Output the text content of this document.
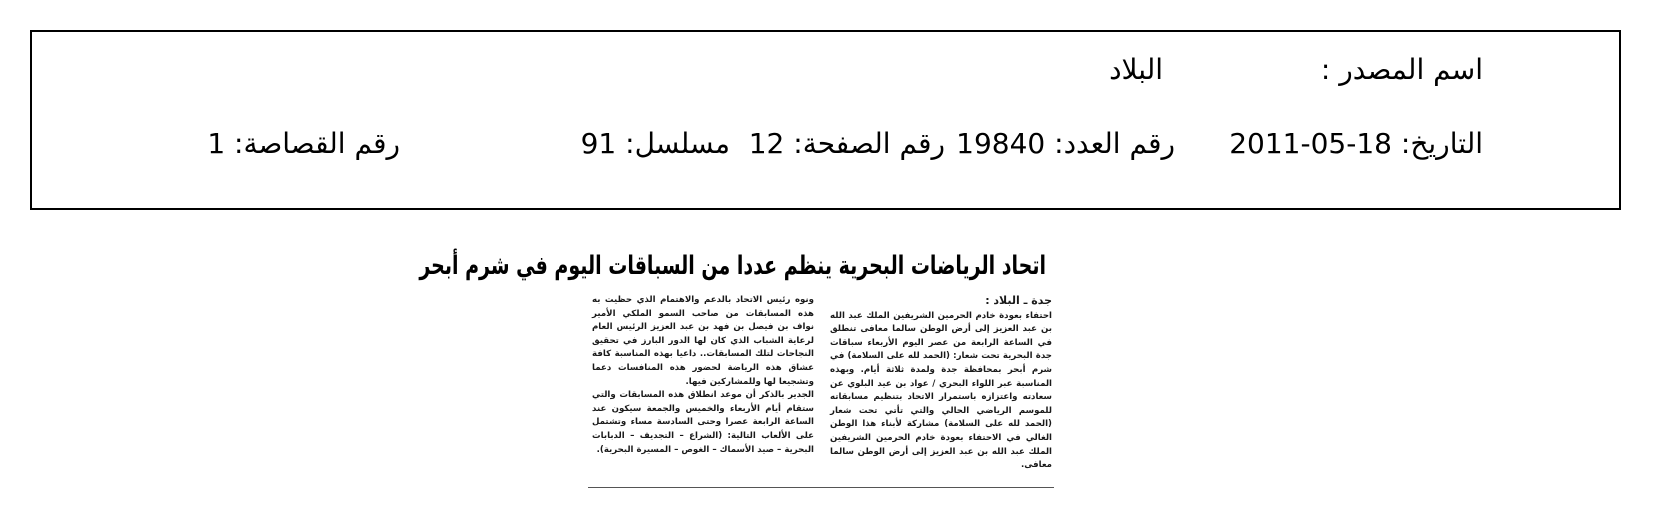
اسم المصدر :
البلاد
التاريخ: 18-05-2011
رقم العدد: 19840
رقم الصفحة: 12
مسلسل: 91
رقم القصاصة: 1
اتحاد الرياضات البحرية ينظم عددا من السباقات اليوم في شرم أبحر
جدة ـ البلاد :

احتفاء بعودة خادم الحرمين الشريفين الملك عبد الله بن عبد العزيز إلى أرض الوطن سالما معافى تنطلق في الساعة الرابعة من عصر اليوم الأربعاء سباقات جدة البحرية تحت شعار: (الحمد لله على السلامة) في شرم أبحر بمحافظة جدة ولمدة ثلاثة أيام. وبهذه المناسبة عبر اللواء البحري / عواد بن عيد البلوي عن سعادته واعتزازه باستمرار الاتحاد بتنظيم مسابقاته للموسم الرياضي الحالي والتي تأتي تحت شعار (الحمد لله على السلامة) مشاركة لأبناء هذا الوطن الغالي في الاحتفاء بعودة خادم الحرمين الشريفين الملك عبد الله بن عبد العزيز إلى أرض الوطن سالما معافى.

ونوه رئيس الاتحاد بالدعم والاهتمام الذي حظيت به هذه المسابقات من صاحب السمو الملكي الأمير نواف بن فيصل بن فهد بن عبد العزيز الرئيس العام لرعاية الشباب الذي كان لها الدور البارز في تحقيق النجاحات لتلك المسابقات.. داعيا بهذه المناسبة كافة عشاق هذه الرياضة لحضور هذه المنافسات دعما وتشجيعا لها وللمشاركين فيها.

الجدير بالذكر أن موعد انطلاق هذه المسابقات والتي ستقام أيام الأربعاء والخميس والجمعة سيكون عند الساعة الرابعة عصرا وحتى السادسة مساء وتشتمل على الألعاب التالية: (الشراع – التجديف – الدبابات البحرية – صيد الأسماك – الغوص – المسيرة البحرية).
